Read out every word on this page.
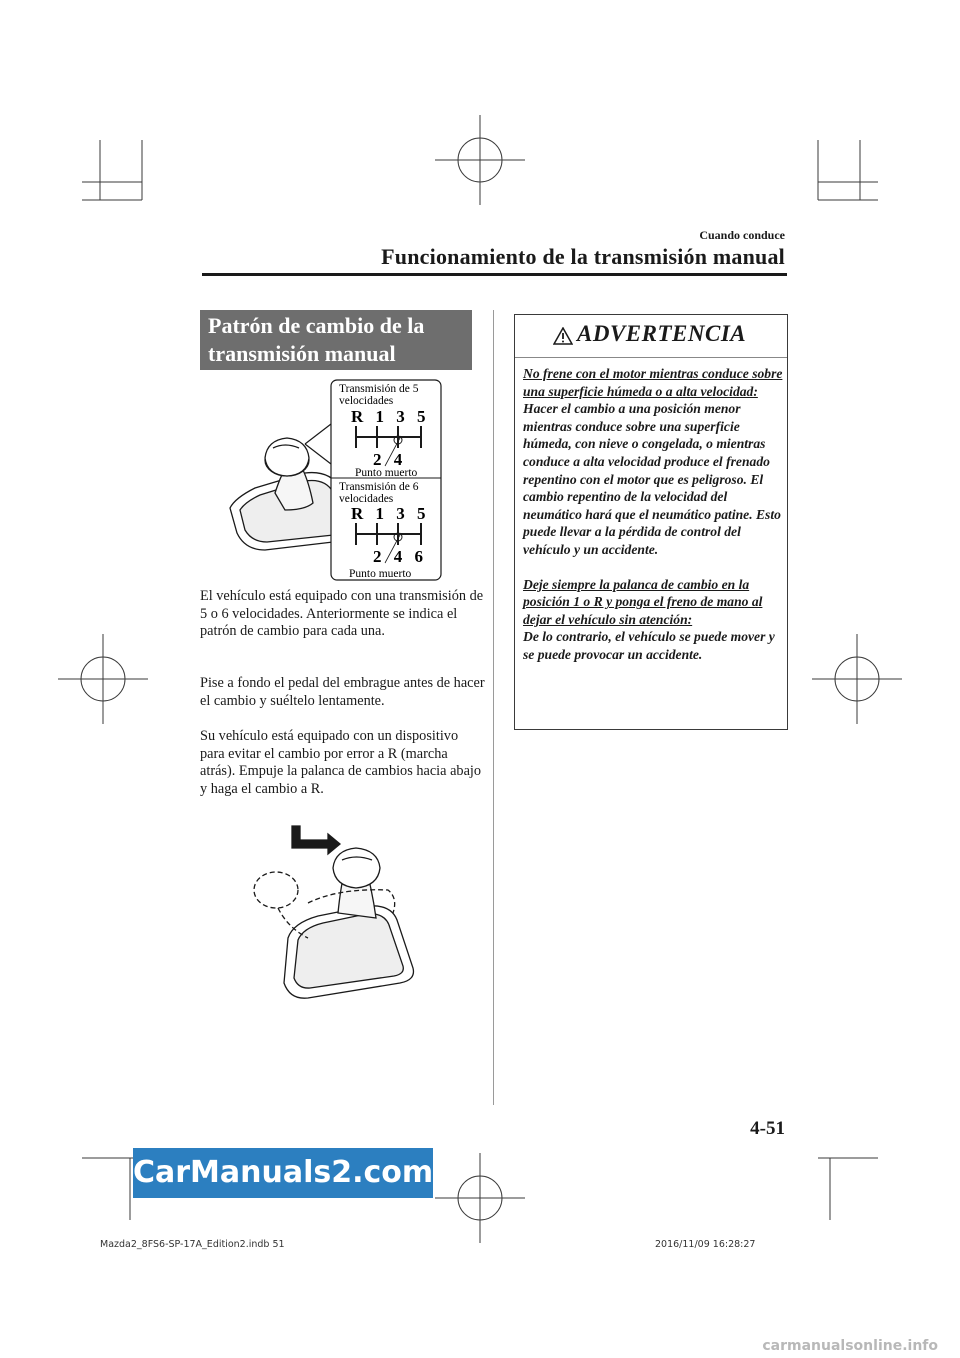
Cuando conduce
Funcionamiento de la transmisión manual
Patrón de cambio de la
transmisión manual
Transmisión de 5
velocidades
R 1 3 5
2 4
Punto muerto
Transmisión de 6
velocidades
R 1 3 5
2 4 6
Punto muerto
El vehículo está equipado con una transmisión de 5 o 6 velocidades. Anteriormente se indica el patrón de cambio para cada una.
Pise a fondo el pedal del embrague antes de hacer el cambio y suéltelo lentamente.
Su vehículo está equipado con un dispositivo para evitar el cambio por error a R (marcha atrás). Empuje la palanca de cambios hacia abajo y haga el cambio a R.
ADVERTENCIA
No frene con el motor mientras conduce sobre una superficie húmeda o a alta velocidad:
Hacer el cambio a una posición menor mientras conduce sobre una superficie húmeda, con nieve o congelada, o mientras conduce a alta velocidad produce el frenado repentino con el motor que es peligroso. El cambio repentino de la velocidad del neumático hará que el neumático patine. Esto puede llevar a la pérdida de control del vehículo y un accidente.
Deje siempre la palanca de cambio en la posición 1 o R y ponga el freno de mano al dejar el vehículo sin atención:
De lo contrario, el vehículo se puede mover y se puede provocar un accidente.
4-51
CarManuals2.com
Mazda2_8FS6-SP-17A_Edition2.indb 51	2016/11/09 16:28:27
carmanualsonline.info
